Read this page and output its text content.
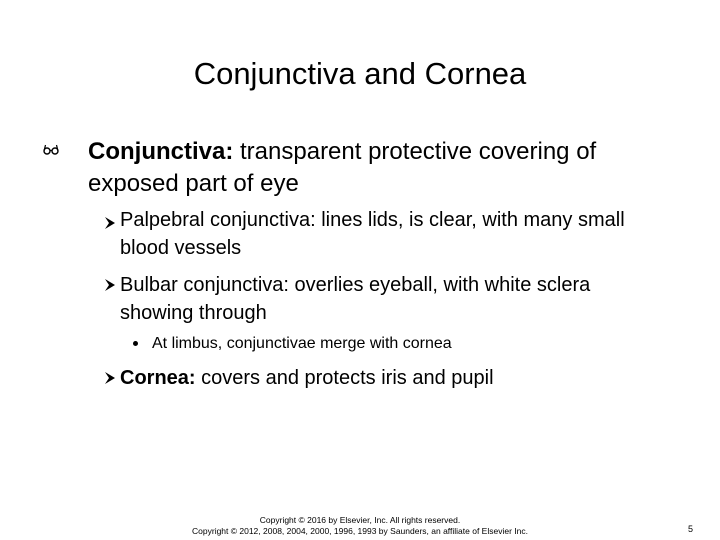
Conjunctiva and Cornea
Conjunctiva: transparent protective covering of exposed part of eye
Palpebral conjunctiva: lines lids, is clear, with many small blood vessels
Bulbar conjunctiva: overlies eyeball, with white sclera showing through
At limbus, conjunctivae merge with cornea
Cornea: covers and protects iris and pupil
Copyright © 2016 by Elsevier, Inc. All rights reserved.
Copyright © 2012, 2008, 2004, 2000, 1996, 1993 by Saunders, an affiliate of Elsevier Inc.	5
